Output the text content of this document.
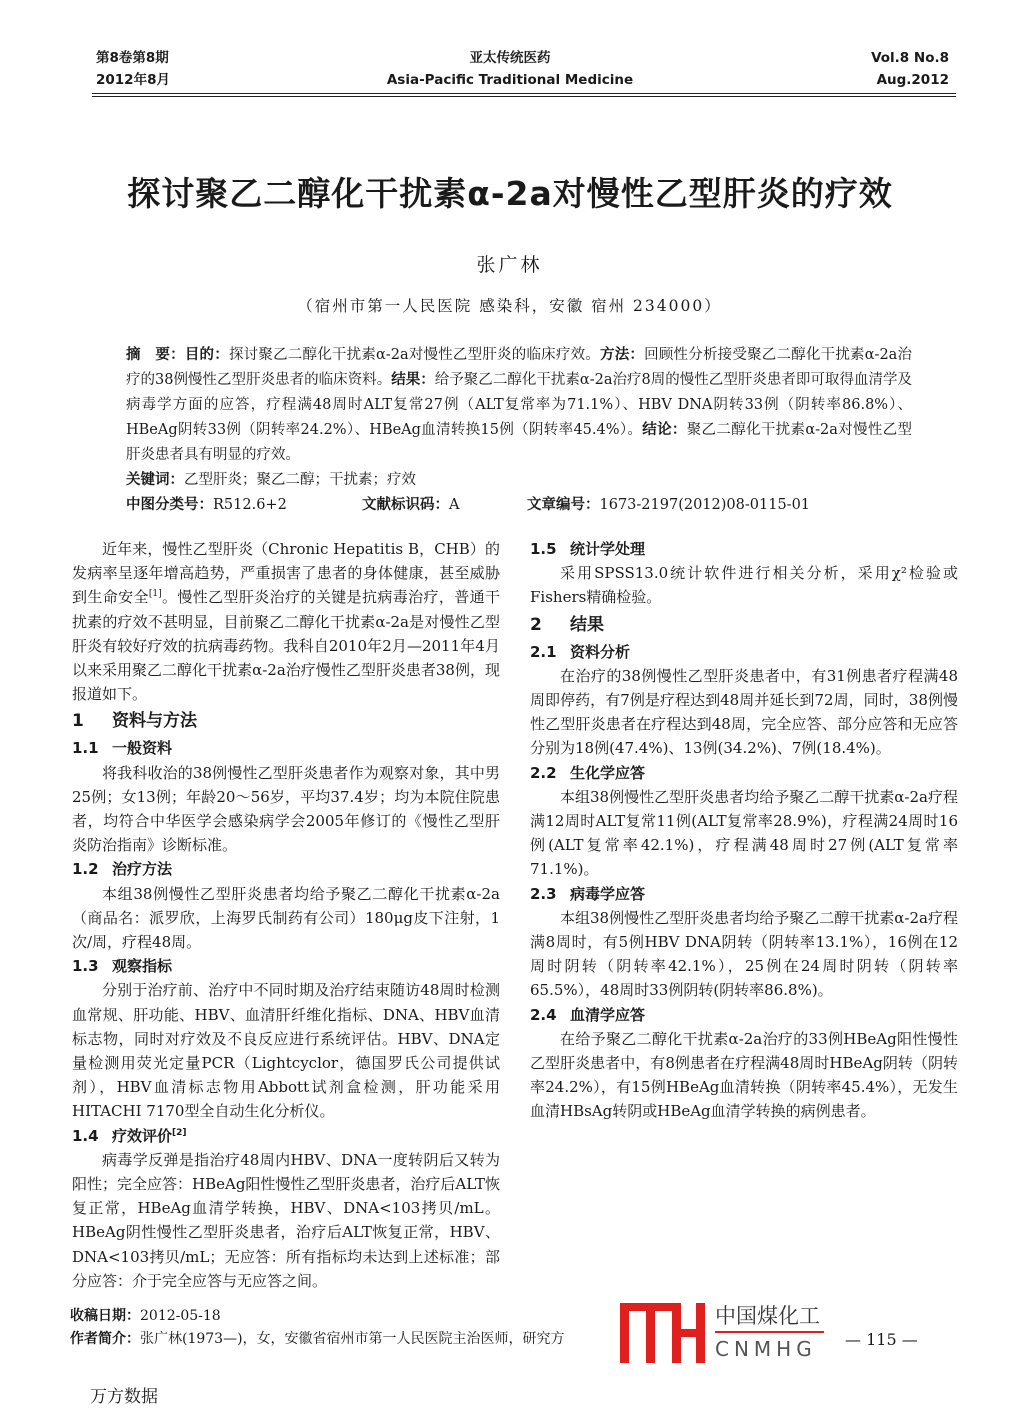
第8卷第8期
2012年8月
亚太传统医药
Asia-Pacific Traditional Medicine
Vol.8 No.8
Aug.2012
探讨聚乙二醇化干扰素α-2a对慢性乙型肝炎的疗效
张广林
（宿州市第一人民医院 感染科，安徽 宿州 234000）
摘　要：目的：探讨聚乙二醇化干扰素α-2a对慢性乙型肝炎的临床疗效。方法：回顾性分析接受聚乙二醇化干扰素α-2a治疗的38例慢性乙型肝炎患者的临床资料。结果：给予聚乙二醇化干扰素α-2a治疗8周的慢性乙型肝炎患者即可取得血清学及病毒学方面的应答，疗程满48周时ALT复常27例（ALT复常率为71.1%）、HBV DNA阴转33例（阴转率86.8%）、HBeAg阴转33例（阴转率24.2%）、HBeAg血清转换15例（阴转率45.4%）。结论：聚乙二醇化干扰素α-2a对慢性乙型肝炎患者具有明显的疗效。
关键词：乙型肝炎；聚乙二醇；干扰素；疗效
中图分类号：R512.6+2	文献标识码：A	文章编号：1673-2197(2012)08-0115-01

近年来，慢性乙型肝炎（Chronic Hepatitis B，CHB）的发病率呈逐年增高趋势，严重损害了患者的身体健康，甚至威胁到生命安全[1]。慢性乙型肝炎治疗的关键是抗病毒治疗，普通干扰素的疗效不甚明显，目前聚乙二醇化干扰素α-2a是对慢性乙型肝炎有较好疗效的抗病毒药物。我科自2010年2月—2011年4月以来采用聚乙二醇化干扰素α-2a治疗慢性乙型肝炎患者38例，现报道如下。

1 资料与方法
1.1 一般资料

将我科收治的38例慢性乙型肝炎患者作为观察对象，其中男25例；女13例；年龄20～56岁，平均37.4岁；均为本院住院患者，均符合中华医学会感染病学会2005年修订的《慢性乙型肝炎防治指南》诊断标准。

1.2 治疗方法

本组38例慢性乙型肝炎患者均给予聚乙二醇化干扰素α-2a（商品名：派罗欣，上海罗氏制药有公司）180μg皮下注射，1次/周，疗程48周。

1.3 观察指标

分别于治疗前、治疗中不同时期及治疗结束随访48周时检测血常规、肝功能、HBV、血清肝纤维化指标、DNA、HBV血清标志物，同时对疗效及不良反应进行系统评估。HBV、DNA定量检测用荧光定量PCR（Lightcyclor，德国罗氏公司提供试剂），HBV血清标志物用Abbott试剂盒检测，肝功能采用HITACHI 7170型全自动生化分析仪。

1.4 疗效评价[2]

病毒学反弹是指治疗48周内HBV、DNA一度转阴后又转为阳性；完全应答：HBeAg阳性慢性乙型肝炎患者，治疗后ALT恢复正常，HBeAg血清学转换，HBV、DNA<103拷贝/mL。HBeAg阴性慢性乙型肝炎患者，治疗后ALT恢复正常，HBV、DNA<103拷贝/mL；无应答：所有指标均未达到上述标准；部分应答：介于完全应答与无应答之间。

1.5 统计学处理

采用SPSS13.0统计软件进行相关分析，采用χ²检验或Fishers精确检验。

2 结果
2.1 资料分析

在治疗的38例慢性乙型肝炎患者中，有31例患者疗程满48周即停药，有7例是疗程达到48周并延长到72周，同时，38例慢性乙型肝炎患者在疗程达到48周，完全应答、部分应答和无应答分别为18例(47.4%)、13例(34.2%)、7例(18.4%)。

2.2 生化学应答

本组38例慢性乙型肝炎患者均给予聚乙二醇干扰素α-2a疗程满12周时ALT复常11例(ALT复常率28.9%)，疗程满24周时16例(ALT复常率42.1%)，疗程满48周时27例(ALT复常率71.1%)。

2.3 病毒学应答

本组38例慢性乙型肝炎患者均给予聚乙二醇干扰素α-2a疗程满8周时，有5例HBV DNA阴转（阴转率13.1%），16例在12周时阴转（阴转率42.1%），25例在24周时阴转（阴转率65.5%），48周时33例阴转(阴转率86.8%)。

2.4 血清学应答

在给予聚乙二醇化干扰素α-2a治疗的33例HBeAg阳性慢性乙型肝炎患者中，有8例患者在疗程满48周时HBeAg阴转（阴转率24.2%），有15例HBeAg血清转换（阴转率45.4%），无发生血清HBsAg转阴或HBeAg血清学转换的病例患者。

收稿日期：2012-05-18
作者简介：张广林(1973—)，女，安徽省宿州市第一人民医院主治医师，研究方
中国煤化工
CNMHG — 115 —
万方数据
